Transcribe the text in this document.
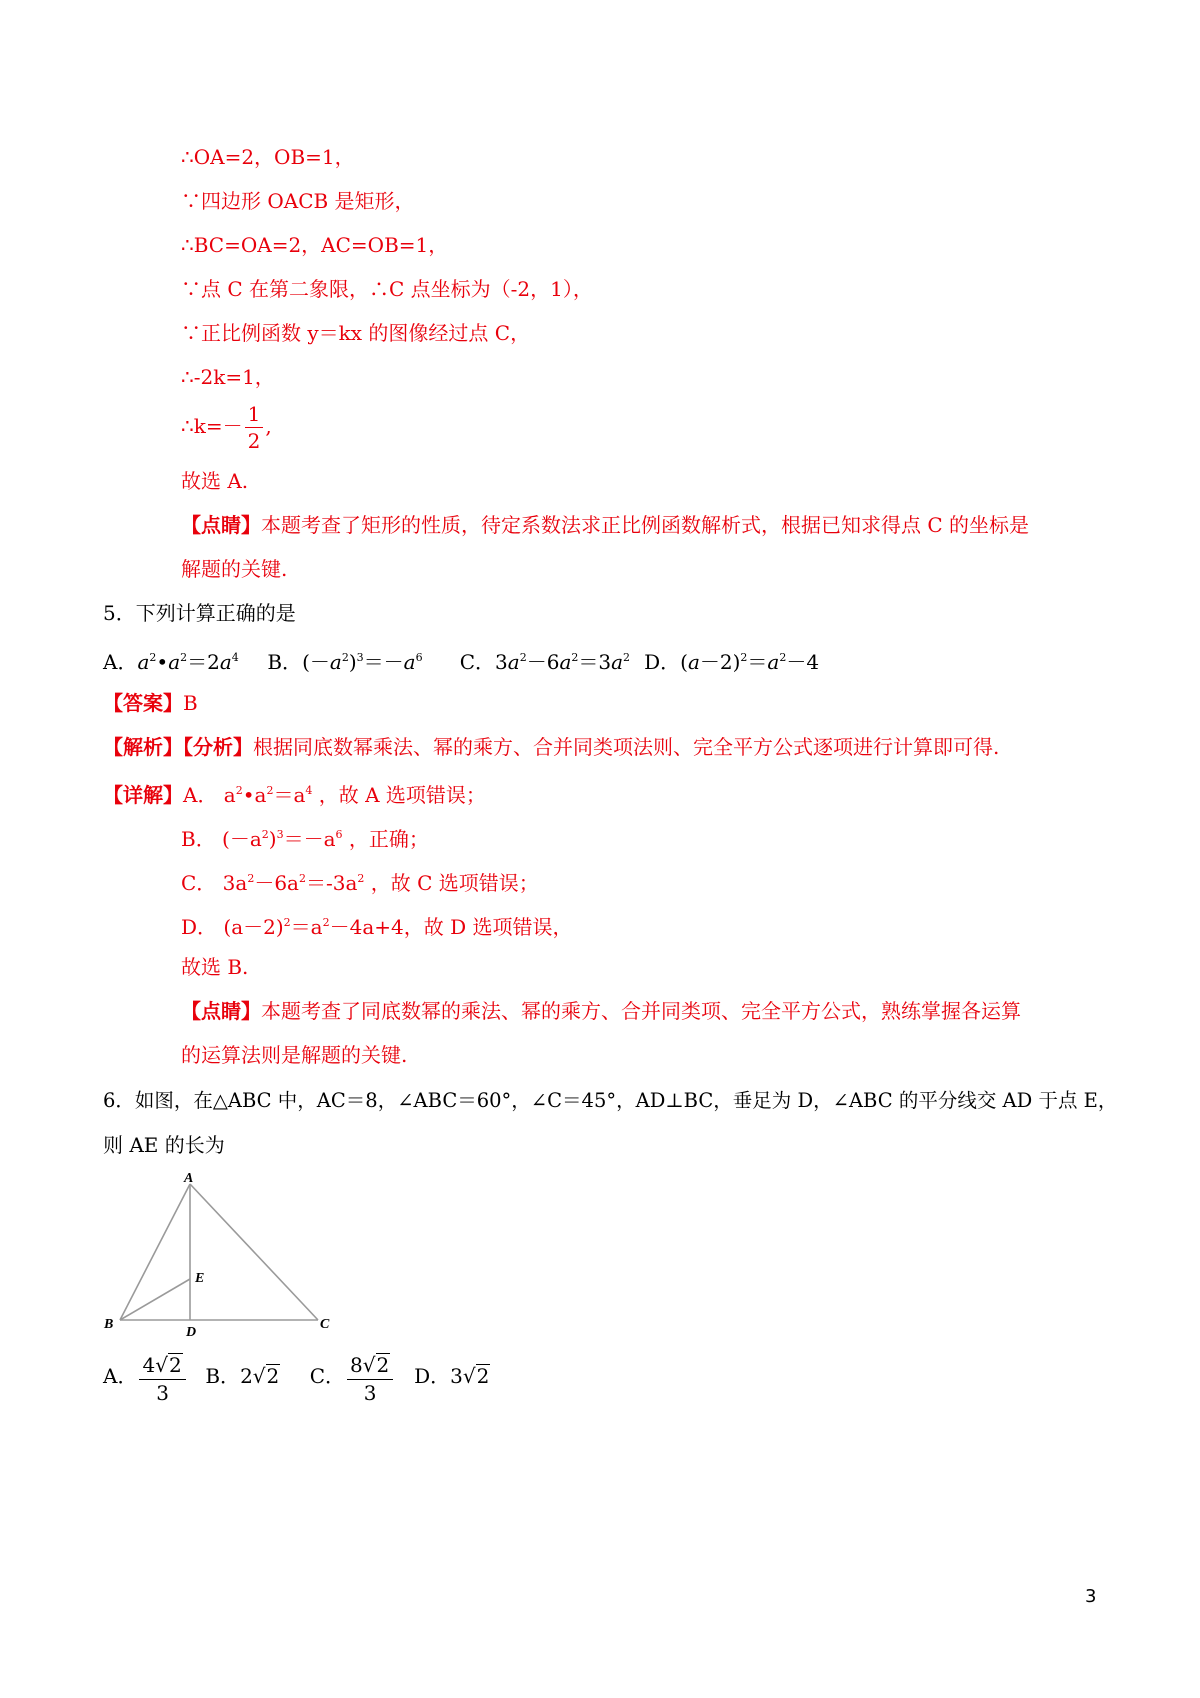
∴OA=2，OB=1，
∵四边形 OACB 是矩形，
∴BC=OA=2，AC=OB=1，
∵点 C 在第二象限，∴C 点坐标为（-2，1），
∵正比例函数 y＝kx 的图像经过点 C，
∴-2k=1，
∴k=－ $\frac{1}{2}$ ,
故选 A.
【点睛】本题考查了矩形的性质，待定系数法求正比例函数解析式，根据已知求得点 C 的坐标是
解题的关键.
5．下列计算正确的是
A．$a^2•a^2=2a^4$ B．$(-a^2)^3=-a^6$ C．$3a^2-6a^2=3a^2$ D．$(a-2)^2=a^2-4$
【答案】B
【解析】【分析】根据同底数幂乘法、幂的乘方、合并同类项法则、完全平方公式逐项进行计算即可得.
【详解】A． $a^2•a^2=a^4$ ，故 A 选项错误；
B． $(-a^2)^3=-a^6$ ，正确；
C． $3a^2-6a^2=-3a^2$ ，故 C 选项错误；
D． $(a-2)^2=a^2-4a+4$，故 D 选项错误，
故选 B.
【点睛】本题考查了同底数幂的乘法、幂的乘方、合并同类项、完全平方公式，熟练掌握各运算
的运算法则是解题的关键.
6．如图，在△ABC 中，AC＝8，∠ABC＝60°，∠C＝45°，AD⊥BC，垂足为 D，∠ABC 的平分线交 AD 于点 E，
则 AE 的长为
A
B	C
D
E
A． $\frac{4√2}{3}$ B．2√2 C． $\frac{8√2}{3}$ D．3√2
3
